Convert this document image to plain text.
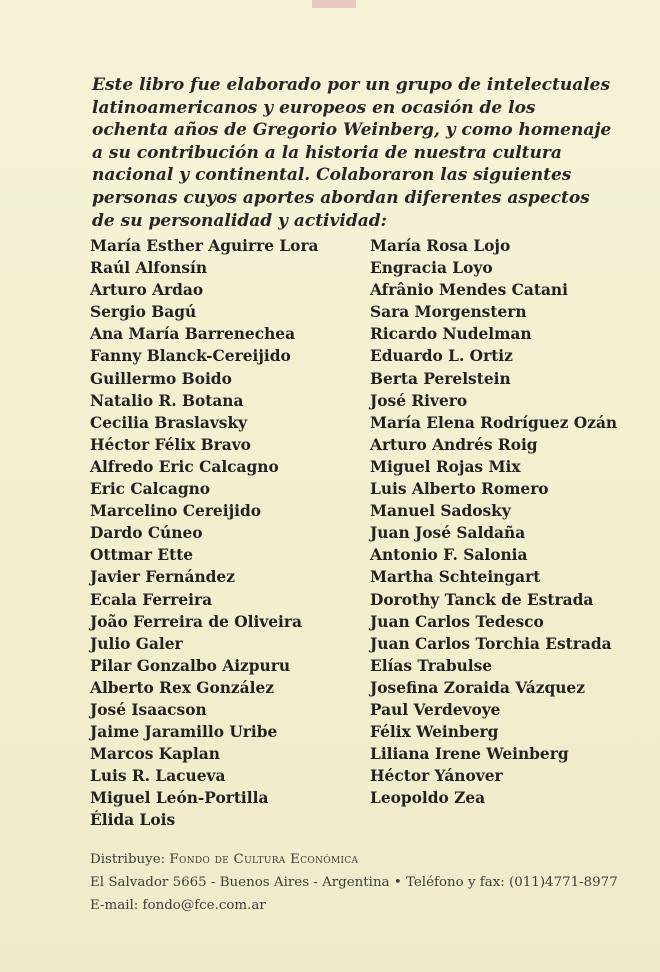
Este libro fue elaborado por un grupo de intelectuales latinoamericanos y europeos en ocasión de los ochenta años de Gregorio Weinberg, y como homenaje a su contribución a la historia de nuestra cultura nacional y continental. Colaboraron las siguientes personas cuyos aportes abordan diferentes aspectos de su personalidad y actividad:

María Esther Aguirre Lora
Raúl Alfonsín
Arturo Ardao
Sergio Bagú
Ana María Barrenechea
Fanny Blanck-Cereijido
Guillermo Boido
Natalio R. Botana
Cecilia Braslavsky
Héctor Félix Bravo
Alfredo Eric Calcagno
Eric Calcagno
Marcelino Cereijido
Dardo Cúneo
Ottmar Ette
Javier Fernández
Ecala Ferreira
João Ferreira de Oliveira
Julio Galer
Pilar Gonzalbo Aizpuru
Alberto Rex González
José Isaacson
Jaime Jaramillo Uribe
Marcos Kaplan
Luis R. Lacueva
Miguel León-Portilla
Élida Lois
María Rosa Lojo
Engracia Loyo
Afrânio Mendes Catani
Sara Morgenstern
Ricardo Nudelman
Eduardo L. Ortiz
Berta Perelstein
José Rivero
María Elena Rodríguez Ozán
Arturo Andrés Roig
Miguel Rojas Mix
Luis Alberto Romero
Manuel Sadosky
Juan José Saldaña
Antonio F. Salonia
Martha Schteingart
Dorothy Tanck de Estrada
Juan Carlos Tedesco
Juan Carlos Torchia Estrada
Elías Trabulse
Josefina Zoraida Vázquez
Paul Verdevoye
Félix Weinberg
Liliana Irene Weinberg
Héctor Yánover
Leopoldo Zea
Distribuye: Fondo de Cultura Económica
El Salvador 5665 - Buenos Aires - Argentina • Teléfono y fax: (011)4771-8977
E-mail: fondo@fce.com.ar
